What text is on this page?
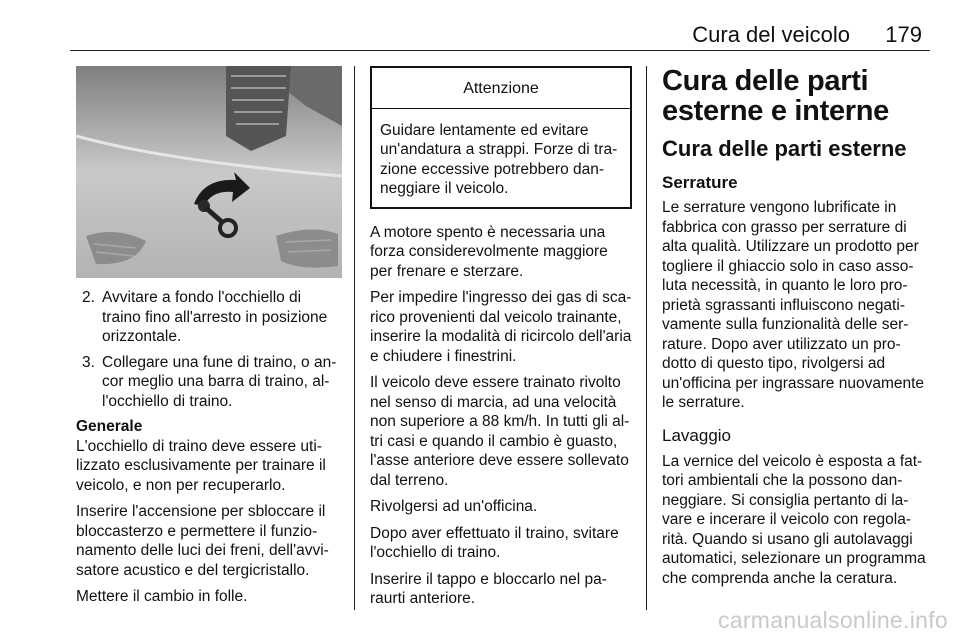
Cura del veicolo 179
2. Avvitare a fondo l'occhiello di traino fino all'arresto in posizione orizzontale.
3. Collegare una fune di traino, o ancor meglio una barra di traino, all'occhiello di traino.

Generale

L'occhiello di traino deve essere utilizzato esclusivamente per trainare il veicolo, e non per recuperarlo.

Inserire l'accensione per sbloccare il bloccasterzo e permettere il funzionamento delle luci dei freni, dell'avvisatore acustico e del tergicristallo.

Mettere il cambio in folle.

Attenzione
Guidare lentamente ed evitare un'andatura a strappi. Forze di trazione eccessive potrebbero danneggiare il veicolo.

A motore spento è necessaria una forza considerevolmente maggiore per frenare e sterzare.

Per impedire l'ingresso dei gas di scarico provenienti dal veicolo trainante, inserire la modalità di ricircolo dell'aria e chiudere i finestrini.

Il veicolo deve essere trainato rivolto nel senso di marcia, ad una velocità non superiore a 88 km/h. In tutti gli altri casi e quando il cambio è guasto, l'asse anteriore deve essere sollevato dal terreno.

Rivolgersi ad un'officina.

Dopo aver effettuato il traino, svitare l'occhiello di traino.

Inserire il tappo e bloccarlo nel paraurti anteriore.

Cura delle parti esterne e interne
Cura delle parti esterne
Serrature

Le serrature vengono lubrificate in fabbrica con grasso per serrature di alta qualità. Utilizzare un prodotto per togliere il ghiaccio solo in caso assoluta necessità, in quanto le loro proprietà sgrassanti influiscono negativamente sulla funzionalità delle serrature. Dopo aver utilizzato un prodotto di questo tipo, rivolgersi ad un'officina per ingrassare nuovamente le serrature.

Lavaggio

La vernice del veicolo è esposta a fattori ambientali che la possono danneggiare. Si consiglia pertanto di lavare e incerare il veicolo con regolarità. Quando si usano gli autolavaggi automatici, selezionare un programma che comprenda anche la ceratura.

carmanualsonline.info
